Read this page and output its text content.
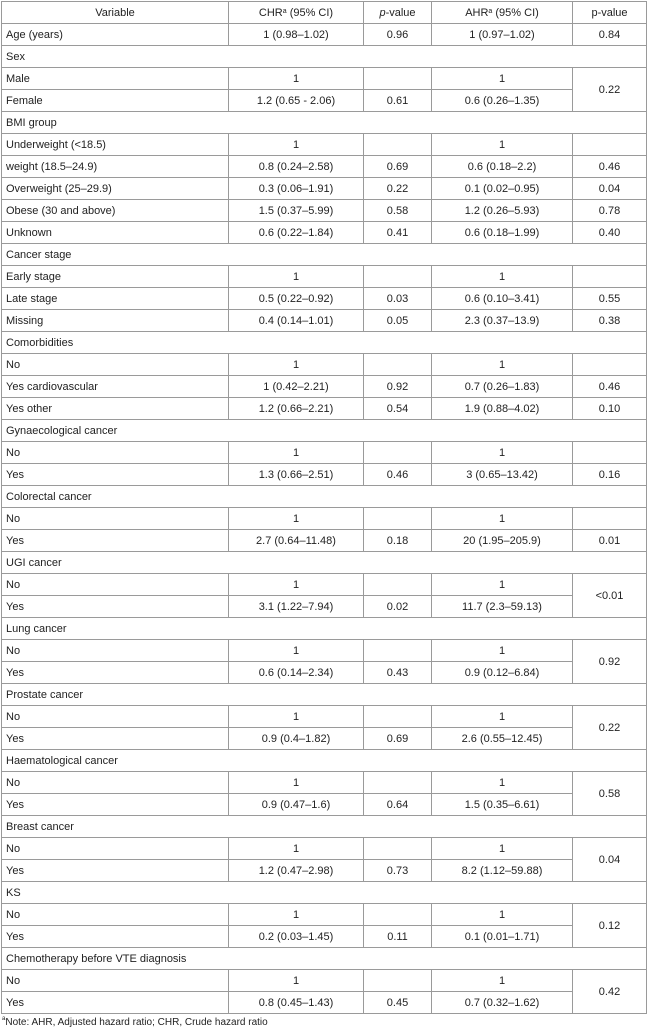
Variable	CHR$^a$ (95% CI)	p-value	AHR$^a$ (95% CI)	p-value
Age (years)	1 (0.98–1.02)	0.96	1 (0.97–1.02)	0.84
Sex				
Male	1		1	0.22
Female	1.2 (0.65 - 2.06)	0.61	0.6 (0.26–1.35)	
BMI group				
Underweight (<18.5)	1		1	
weight (18.5–24.9)	0.8 (0.24–2.58)	0.69	0.6 (0.18–2.2)	0.46
Overweight (25–29.9)	0.3 (0.06–1.91)	0.22	0.1 (0.02–0.95)	0.04
Obese (30 and above)	1.5 (0.37–5.99)	0.58	1.2 (0.26–5.93)	0.78
Unknown	0.6 (0.22–1.84)	0.41	0.6 (0.18–1.99)	0.40
Cancer stage				
Early stage	1		1	
Late stage	0.5 (0.22–0.92)	0.03	0.6 (0.10–3.41)	0.55
Missing	0.4 (0.14–1.01)	0.05	2.3 (0.37–13.9)	0.38
Comorbidities				
No	1		1	
Yes cardiovascular	1 (0.42–2.21)	0.92	0.7 (0.26–1.83)	0.46
Yes other	1.2 (0.66–2.21)	0.54	1.9 (0.88–4.02)	0.10
Gynaecological cancer				
No	1		1	
Yes	1.3 (0.66–2.51)	0.46	3 (0.65–13.42)	0.16
Colorectal cancer				
No	1		1	
Yes	2.7 (0.64–11.48)	0.18	20 (1.95–205.9)	0.01
UGI cancer				
No	1		1	<0.01
Yes	3.1 (1.22–7.94)	0.02	11.7 (2.3–59.13)	
Lung cancer				
No	1		1	0.92
Yes	0.6 (0.14–2.34)	0.43	0.9 (0.12–6.84)	
Prostate cancer				
No	1		1	0.22
Yes	0.9 (0.4–1.82)	0.69	2.6 (0.55–12.45)	
Haematological cancer				
No	1		1	0.58
Yes	0.9 (0.47–1.6)	0.64	1.5 (0.35–6.61)	
Breast cancer				
No	1		1	0.04
Yes	1.2 (0.47–2.98)	0.73	8.2 (1.12–59.88)	
KS				
No	1		1	0.12
Yes	0.2 (0.03–1.45)	0.11	0.1 (0.01–1.71)	
Chemotherapy before VTE diagnosis				
No	1		1	0.42
Yes	0.8 (0.45–1.43)	0.45	0.7 (0.32–1.62)	
$^a$Note: AHR, Adjusted hazard ratio; CHR, Crude hazard ratio
